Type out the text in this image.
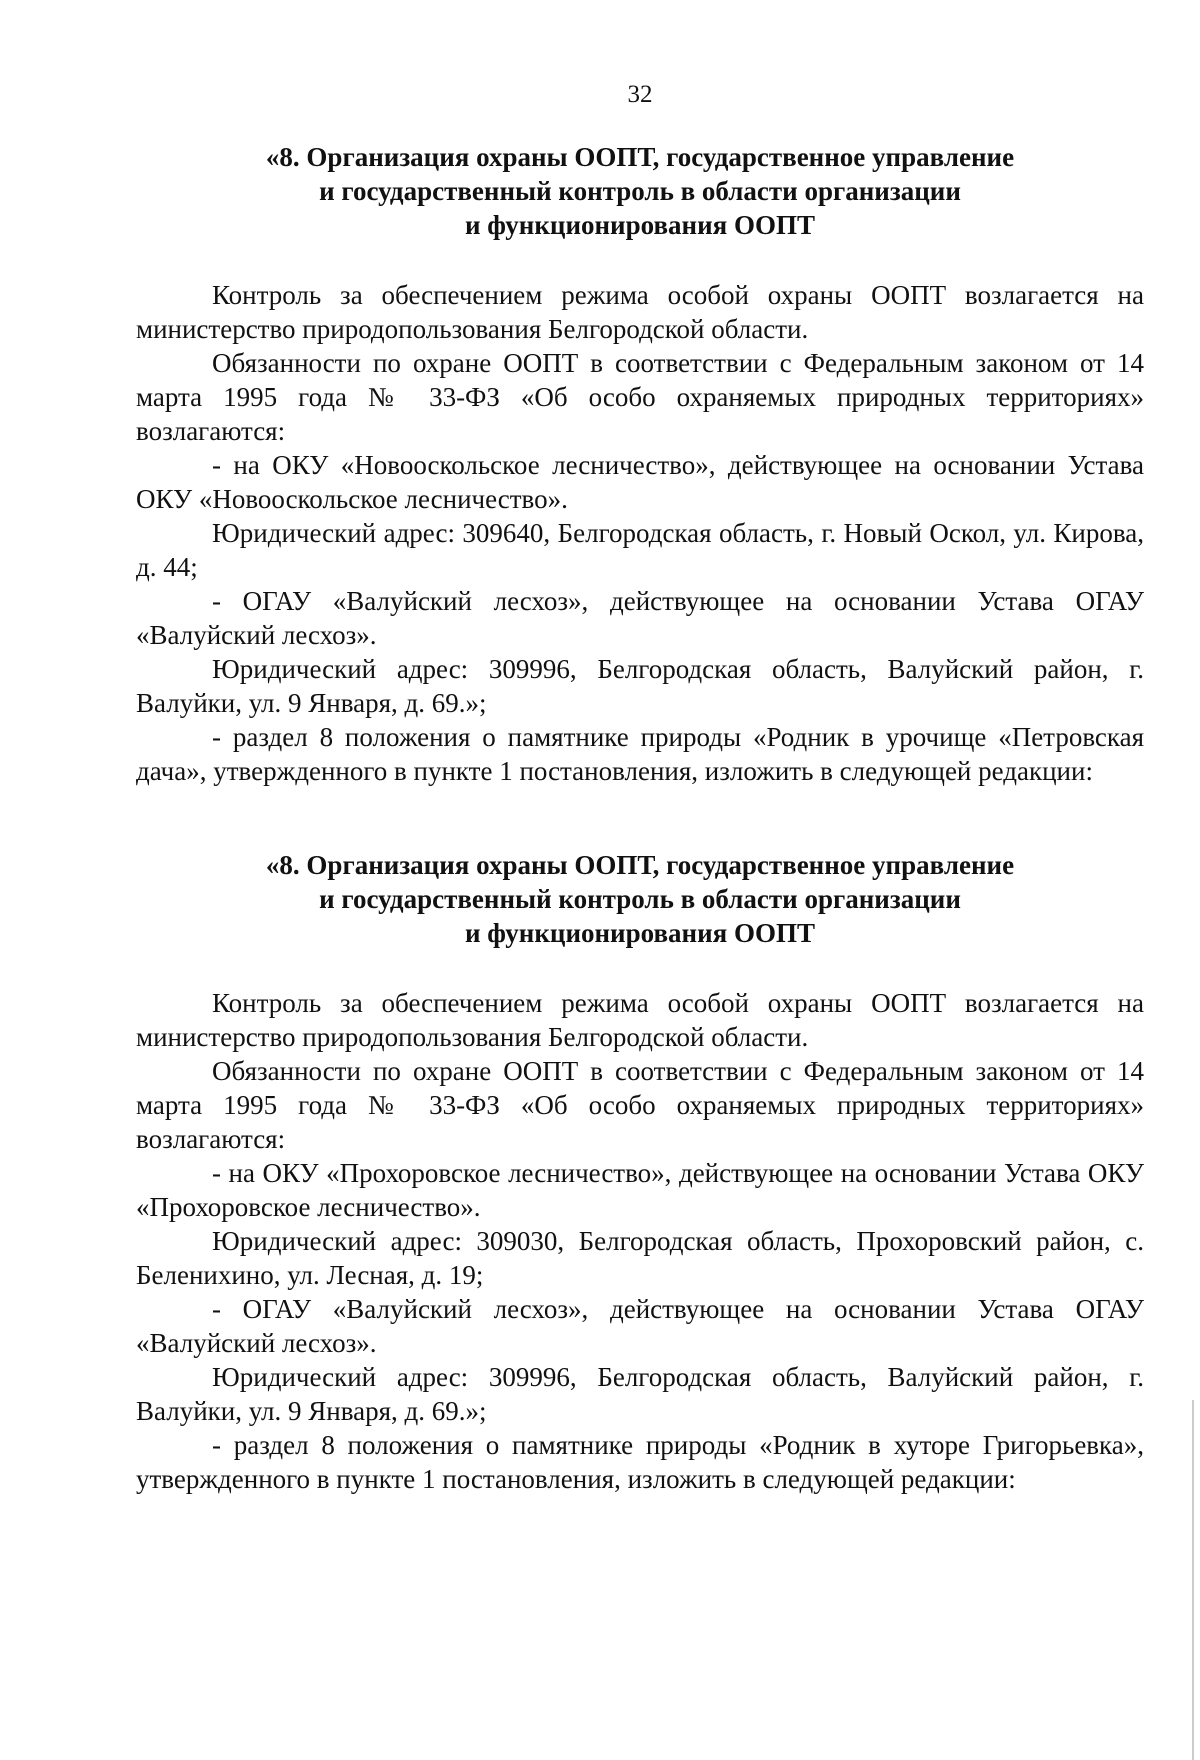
32
«8. Организация охраны ООПТ, государственное управление
и государственный контроль в области организации
и функционирования ООПТ

Контроль за обеспечением режима особой охраны ООПТ возлагается на министерство природопользования Белгородской области.

Обязанности по охране ООПТ в соответствии с Федеральным законом от 14 марта 1995 года № 33-ФЗ «Об особо охраняемых природных территориях» возлагаются:

- на ОКУ «Новооскольское лесничество», действующее на основании Устава ОКУ «Новооскольское лесничество».

Юридический адрес: 309640, Белгородская область, г. Новый Оскол, ул. Кирова, д. 44;

- ОГАУ «Валуйский лесхоз», действующее на основании Устава ОГАУ «Валуйский лесхоз».

Юридический адрес: 309996, Белгородская область, Валуйский район, г. Валуйки, ул. 9 Января, д. 69.»;

- раздел 8 положения о памятнике природы «Родник в урочище «Петровская дача», утвержденного в пункте 1 постановления, изложить в следующей редакции:

«8. Организация охраны ООПТ, государственное управление
и государственный контроль в области организации
и функционирования ООПТ

Контроль за обеспечением режима особой охраны ООПТ возлагается на министерство природопользования Белгородской области.

Обязанности по охране ООПТ в соответствии с Федеральным законом от 14 марта 1995 года № 33-ФЗ «Об особо охраняемых природных территориях» возлагаются:

- на ОКУ «Прохоровское лесничество», действующее на основании Устава ОКУ «Прохоровское лесничество».

Юридический адрес: 309030, Белгородская область, Прохоровский район, с. Беленихино, ул. Лесная, д. 19;

- ОГАУ «Валуйский лесхоз», действующее на основании Устава ОГАУ «Валуйский лесхоз».

Юридический адрес: 309996, Белгородская область, Валуйский район, г. Валуйки, ул. 9 Января, д. 69.»;

- раздел 8 положения о памятнике природы «Родник в хуторе Григорьевка», утвержденного в пункте 1 постановления, изложить в следующей редакции:
